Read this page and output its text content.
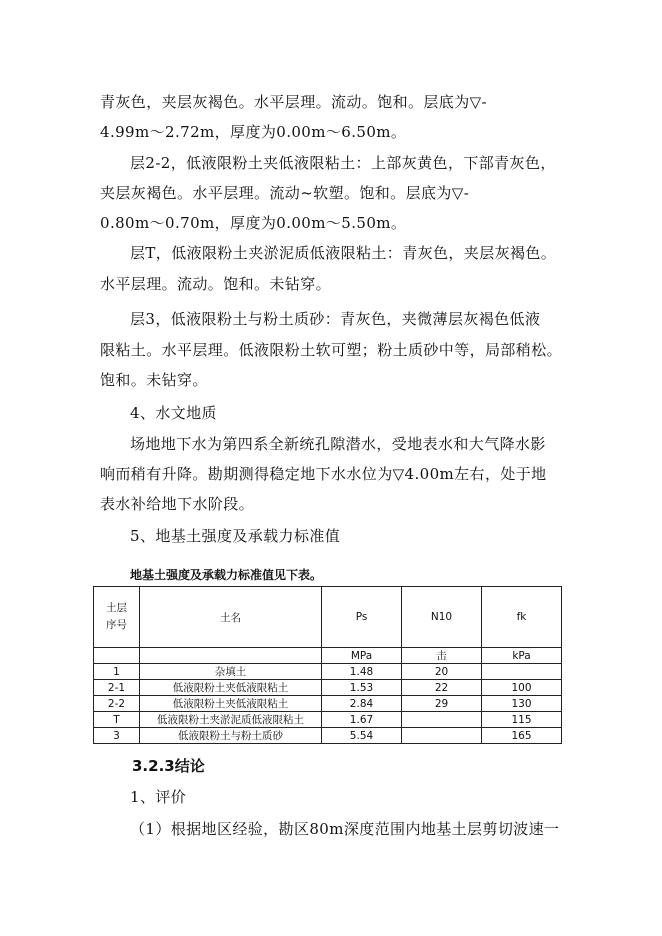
青灰色，夹层灰褐色。水平层理。流动。饱和。层底为▽-
4.99m～2.72m，厚度为0.00m～6.50m。
层2-2，低液限粉土夹低液限粘土：上部灰黄色，下部青灰色，
夹层灰褐色。水平层理。流动~软塑。饱和。层底为▽-
0.80m～0.70m，厚度为0.00m～5.50m。
层T，低液限粉土夹淤泥质低液限粘土：青灰色，夹层灰褐色。
水平层理。流动。饱和。未钻穿。
层3，低液限粉土与粉土质砂：青灰色，夹微薄层灰褐色低液
限粘土。水平层理。低液限粉土软可塑；粉土质砂中等，局部稍松。
饱和。未钻穿。
4、水文地质
场地地下水为第四系全新统孔隙潜水，受地表水和大气降水影
响而稍有升降。勘期测得稳定地下水水位为▽4.00m左右，处于地
表水补给地下水阶段。
5、地基土强度及承载力标准值
地基土强度及承载力标准值见下表。
土层序号	土名	Ps	N10	fk
		MPa	击	kPa
1	杂填土	1.48	20	
2-1	低液限粉土夹低液限粘土	1.53	22	100
2-2	低液限粉土夹低液限粘土	2.84	29	130
T	低液限粉土夹淤泥质低液限粘土	1.67		115
3	低液限粉土与粉土质砂	5.54		165
3.2.3结论
1、评价
（1）根据地区经验，勘区80m深度范围内地基土层剪切波速一
